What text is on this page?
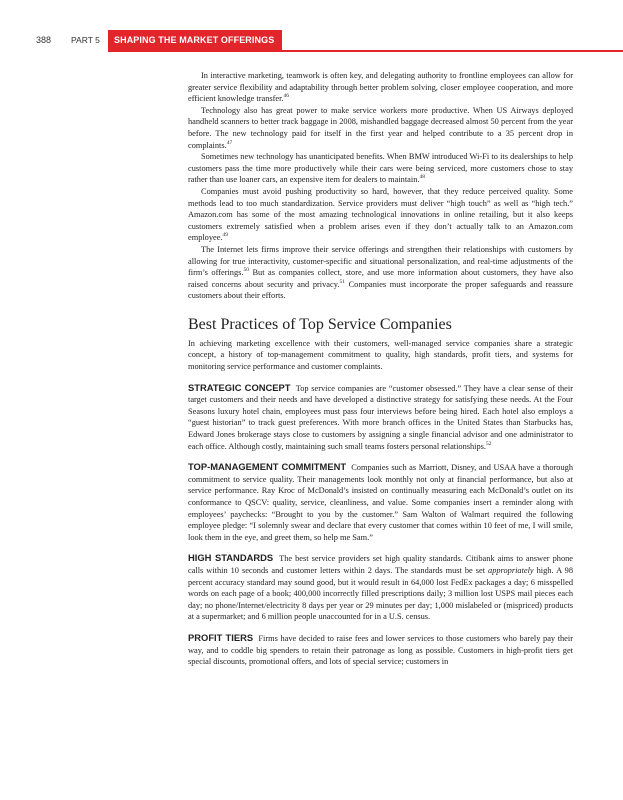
388 PART 5	SHAPING THE MARKET OFFERINGS

In interactive marketing, teamwork is often key, and delegating authority to frontline employees can allow for greater service flexibility and adaptability through better problem solving, closer employee cooperation, and more efficient knowledge transfer.$^{46}$

Technology also has great power to make service workers more productive. When US Airways deployed handheld scanners to better track baggage in 2008, mishandled baggage decreased almost 50 percent from the year before. The new technology paid for itself in the first year and helped contribute to a 35 percent drop in complaints.$^{47}$

Sometimes new technology has unanticipated benefits. When BMW introduced Wi-Fi to its dealerships to help customers pass the time more productively while their cars were being serviced, more customers chose to stay rather than use loaner cars, an expensive item for dealers to maintain.$^{48}$

Companies must avoid pushing productivity so hard, however, that they reduce perceived quality. Some methods lead to too much standardization. Service providers must deliver “high touch” as well as “high tech.” Amazon.com has some of the most amazing technological innovations in online retailing, but it also keeps customers extremely satisfied when a problem arises even if they don’t actually talk to an Amazon.com employee.$^{49}$

The Internet lets firms improve their service offerings and strengthen their relationships with customers by allowing for true interactivity, customer-specific and situational personalization, and real-time adjustments of the firm’s offerings.$^{50}$ But as companies collect, store, and use more information about customers, they have also raised concerns about security and privacy.$^{51}$ Companies must incorporate the proper safeguards and reassure customers about their efforts.

Best Practices of Top Service Companies

In achieving marketing excellence with their customers, well-managed service companies share a strategic concept, a history of top-management commitment to quality, high standards, profit tiers, and systems for monitoring service performance and customer complaints.

STRATEGIC CONCEPT Top service companies are “customer obsessed.” They have a clear sense of their target customers and their needs and have developed a distinctive strategy for satisfying these needs. At the Four Seasons luxury hotel chain, employees must pass four interviews before being hired. Each hotel also employs a “guest historian” to track guest preferences. With more branch offices in the United States than Starbucks has, Edward Jones brokerage stays close to customers by assigning a single financial advisor and one administrator to each office. Although costly, maintaining such small teams fosters personal relationships.$^{52}$

TOP-MANAGEMENT COMMITMENT Companies such as Marriott, Disney, and USAA have a thorough commitment to service quality. Their managements look monthly not only at financial performance, but also at service performance. Ray Kroc of McDonald’s insisted on continually measuring each McDonald’s outlet on its conformance to QSCV: quality, service, cleanliness, and value. Some companies insert a reminder along with employees’ paychecks: “Brought to you by the customer.” Sam Walton of Walmart required the following employee pledge: “I solemnly swear and declare that every customer that comes within 10 feet of me, I will smile, look them in the eye, and greet them, so help me Sam.”

HIGH STANDARDS The best service providers set high quality standards. Citibank aims to answer phone calls within 10 seconds and customer letters within 2 days. The standards must be set appropriately high. A 98 percent accuracy standard may sound good, but it would result in 64,000 lost FedEx packages a day; 6 misspelled words on each page of a book; 400,000 incorrectly filled prescriptions daily; 3 million lost USPS mail pieces each day; no phone/Internet/electricity 8 days per year or 29 minutes per day; 1,000 mislabeled or (mispriced) products at a supermarket; and 6 million people unaccounted for in a U.S. census.

PROFIT TIERS Firms have decided to raise fees and lower services to those customers who barely pay their way, and to coddle big spenders to retain their patronage as long as possible. Customers in high-profit tiers get special discounts, promotional offers, and lots of special service; customers in
